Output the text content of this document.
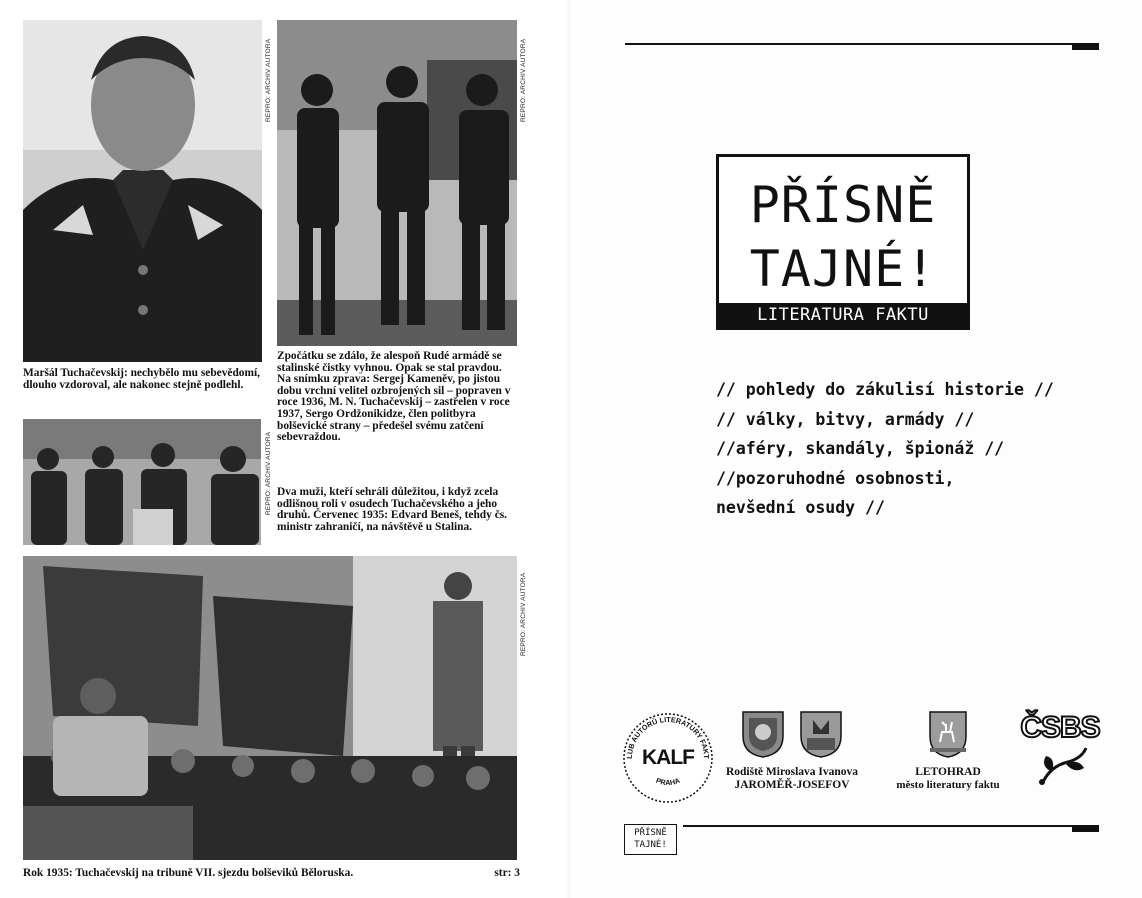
REPRO: ARCHIV AUTORA	REPRO: ARCHIV AUTORA
Maršál Tuchačevskij: nechybělo mu sebevědomí, dlouho vzdoroval, ale nakonec stejně podlehl.
Zpočátku se zdálo, že alespoň Rudé armádě se stalinské čistky vyhnou. Opak se stal pravdou. Na snímku zprava: Sergej Kameněv, po jistou dobu vrchní velitel ozbrojených sil – popraven v roce 1936, M. N. Tuchačevskij – zastřelen v roce 1937, Sergo Ordžonikidze, člen politbyra bolševické strany – předešel svému zatčení sebevraždou.
REPRO: ARCHIV AUTORA Dva muži, kteří sehráli důležitou, i když zcela odlišnou roli v osudech Tuchačevského a jeho druhů. Červenec 1935: Edvard Beneš, tehdy čs. ministr zahraničí, na návštěvě u Stalina.
REPRO: ARCHIV AUTORA
Rok 1935: Tuchačevskij na tribuně VII. sjezdu bolševiků Běloruska.	str: 3
PŘÍSNĚ
TAJNÉ!
LITERATURA FAKTU
// pohledy do zákulisí historie //
// války, bitvy, armády //
//aféry, skandály, špionáž //
//pozoruhodné osobnosti,
nevšední osudy //
LUB AUTORŮ LITERATURY FAKT
PRAHA
KALF
Rodiště Miroslava Ivanova
JAROMĚŘ-JOSEFOV
LETOHRAD
město literatury faktu
ČSBS
PŘÍSNĚ
TAJNÉ!
